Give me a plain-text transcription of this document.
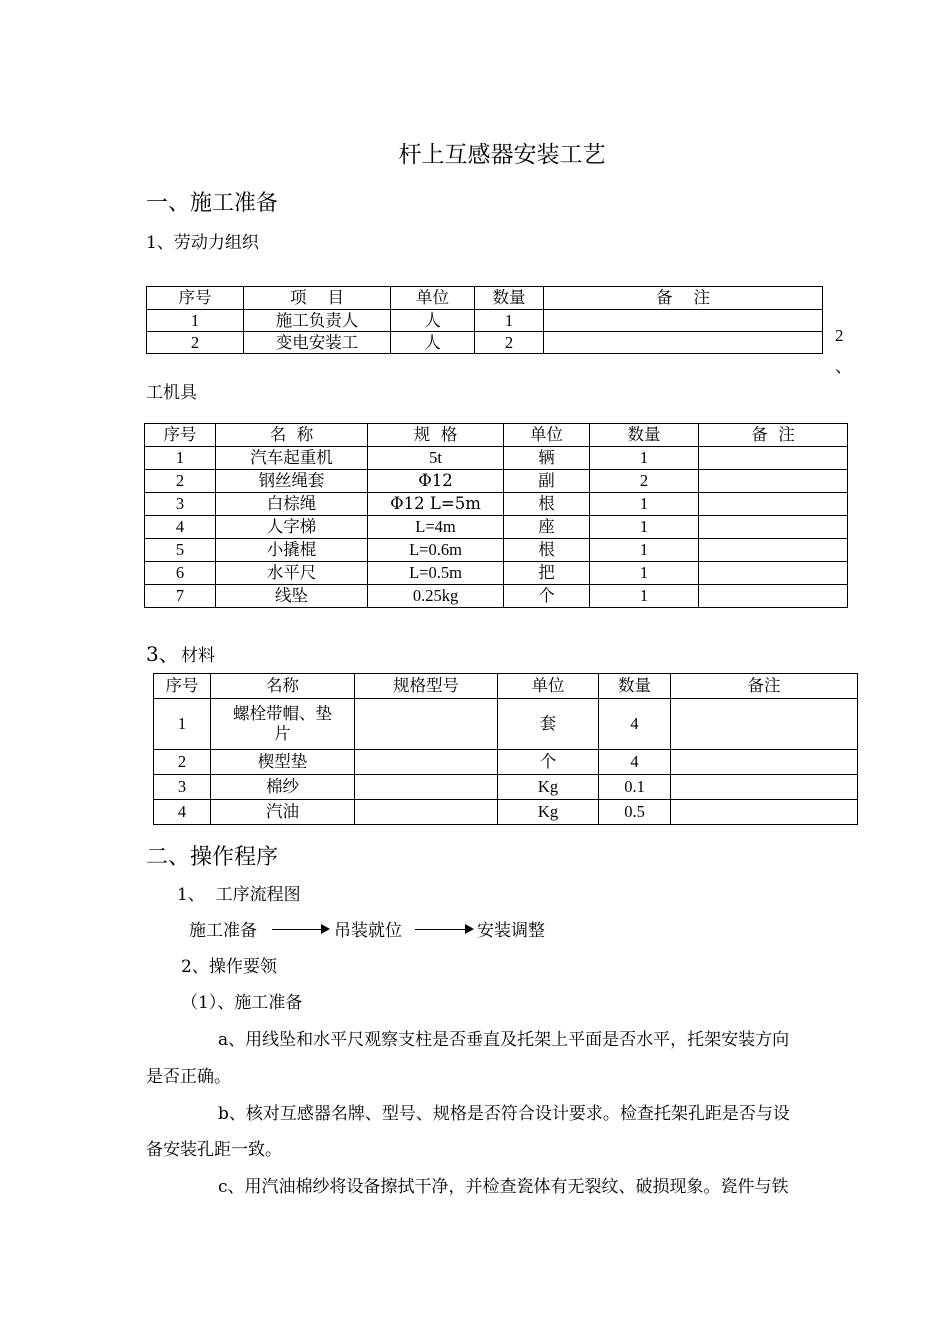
杆上互感器安装工艺
一、施工准备
1、劳动力组织
序号	项    目	单位	数量	备    注
1	施工负责人	人	1	
2	变电安装工	人	2		2
、
工机具
序号	名  称	规  格	单位	数量	备  注
1	汽车起重机	5t	辆	1	
2	钢丝绳套	Φ12	副	2	
3	白棕绳	Φ12 L=5m	根	1	
4	人字梯	L=4m	座	1	
5	小撬棍	L=0.6m	根	1	
6	水平尺	L=0.5m	把	1	
7	线坠	0.25kg	个	1	
3、 材料
序号	名称	规格型号	单位	数量	备注
1	螺栓带帽、垫
片		套	4	
2	楔型垫		个	4	
3	棉纱		Kg	0.1	
4	汽油		Kg	0.5	
二、操作程序
1、  工序流程图
施工准备	吊装就位	安装调整
2、操作要领
（1）、施工准备
a、用线坠和水平尺观察支柱是否垂直及托架上平面是否水平，托架安装方向
是否正确。
b、核对互感器名牌、型号、规格是否符合设计要求。检查托架孔距是否与设
备安装孔距一致。
c、用汽油棉纱将设备擦拭干净，并检查瓷体有无裂纹、破损现象。瓷件与铁
